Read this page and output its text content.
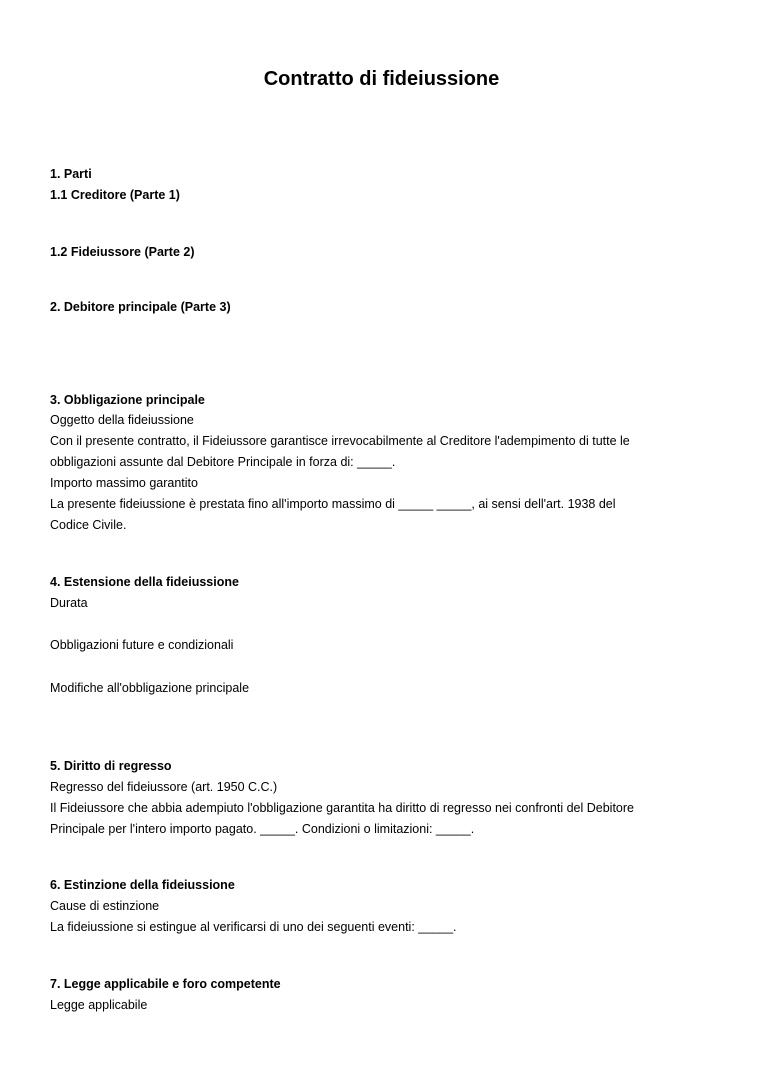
Contratto di fideiussione
1. Parti
1.1 Creditore (Parte 1)
1.2 Fideiussore (Parte 2)
2. Debitore principale (Parte 3)
3. Obbligazione principale
Oggetto della fideiussione
Con il presente contratto, il Fideiussore garantisce irrevocabilmente al Creditore l'adempimento di tutte le
obbligazioni assunte dal Debitore Principale in forza di: _____.
Importo massimo garantito
La presente fideiussione è prestata fino all'importo massimo di _____ _____, ai sensi dell'art. 1938 del
Codice Civile.
4. Estensione della fideiussione
Durata
Obbligazioni future e condizionali
Modifiche all'obbligazione principale
5. Diritto di regresso
Regresso del fideiussore (art. 1950 C.C.)
Il Fideiussore che abbia adempiuto l'obbligazione garantita ha diritto di regresso nei confronti del Debitore
Principale per l'intero importo pagato. _____. Condizioni o limitazioni: _____.
6. Estinzione della fideiussione
Cause di estinzione
La fideiussione si estingue al verificarsi di uno dei seguenti eventi: _____.
7. Legge applicabile e foro competente
Legge applicabile
